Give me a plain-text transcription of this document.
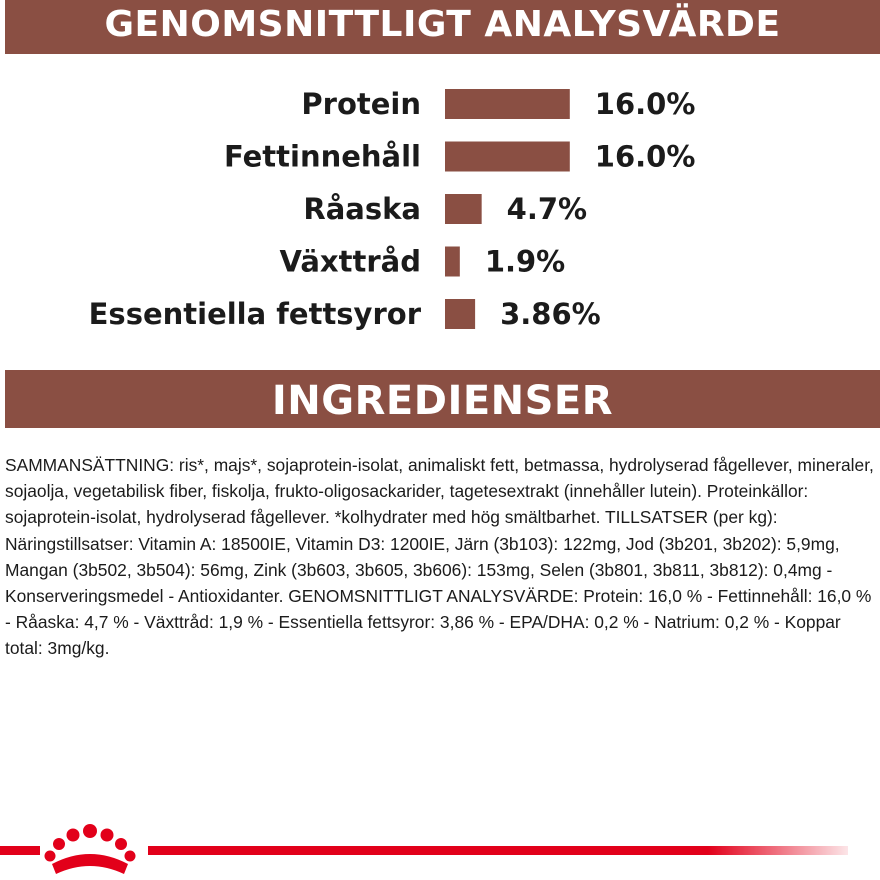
GENOMSNITTLIGT ANALYSVÄRDE
Protein	16.0%
Fettinnehåll	16.0%
Råaska	4.7%
Växttråd 1.9%
Essentiella fettsyror	3.86%
INGREDIENSER

SAMMANSÄTTNING: ris*, majs*, sojaprotein-isolat, animaliskt fett, betmassa, hydrolyserad fågellever, mineraler, sojaolja, vegetabilisk fiber, fiskolja, frukto-oligosackarider, tagetesextrakt (innehåller lutein). Proteinkällor: sojaprotein-isolat, hydrolyserad fågellever. *kolhydrater med hög smältbarhet. TILLSATSER (per kg): Näringstillsatser: Vitamin A: 18500IE, Vitamin D3: 1200IE, Järn (3b103): 122mg, Jod (3b201, 3b202): 5,9mg, Mangan (3b502, 3b504): 56mg, Zink (3b603, 3b605, 3b606): 153mg, Selen (3b801, 3b811, 3b812): 0,4mg - Konserveringsmedel - Antioxidanter. GENOMSNITTLIGT ANALYSVÄRDE: Protein: 16,0 % - Fettinnehåll: 16,0 % - Råaska: 4,7 % - Växttråd: 1,9 % - Essentiella fettsyror: 3,86 % - EPA/DHA: 0,2 % - Natrium: 0,2 % - Koppar total: 3mg/kg.
